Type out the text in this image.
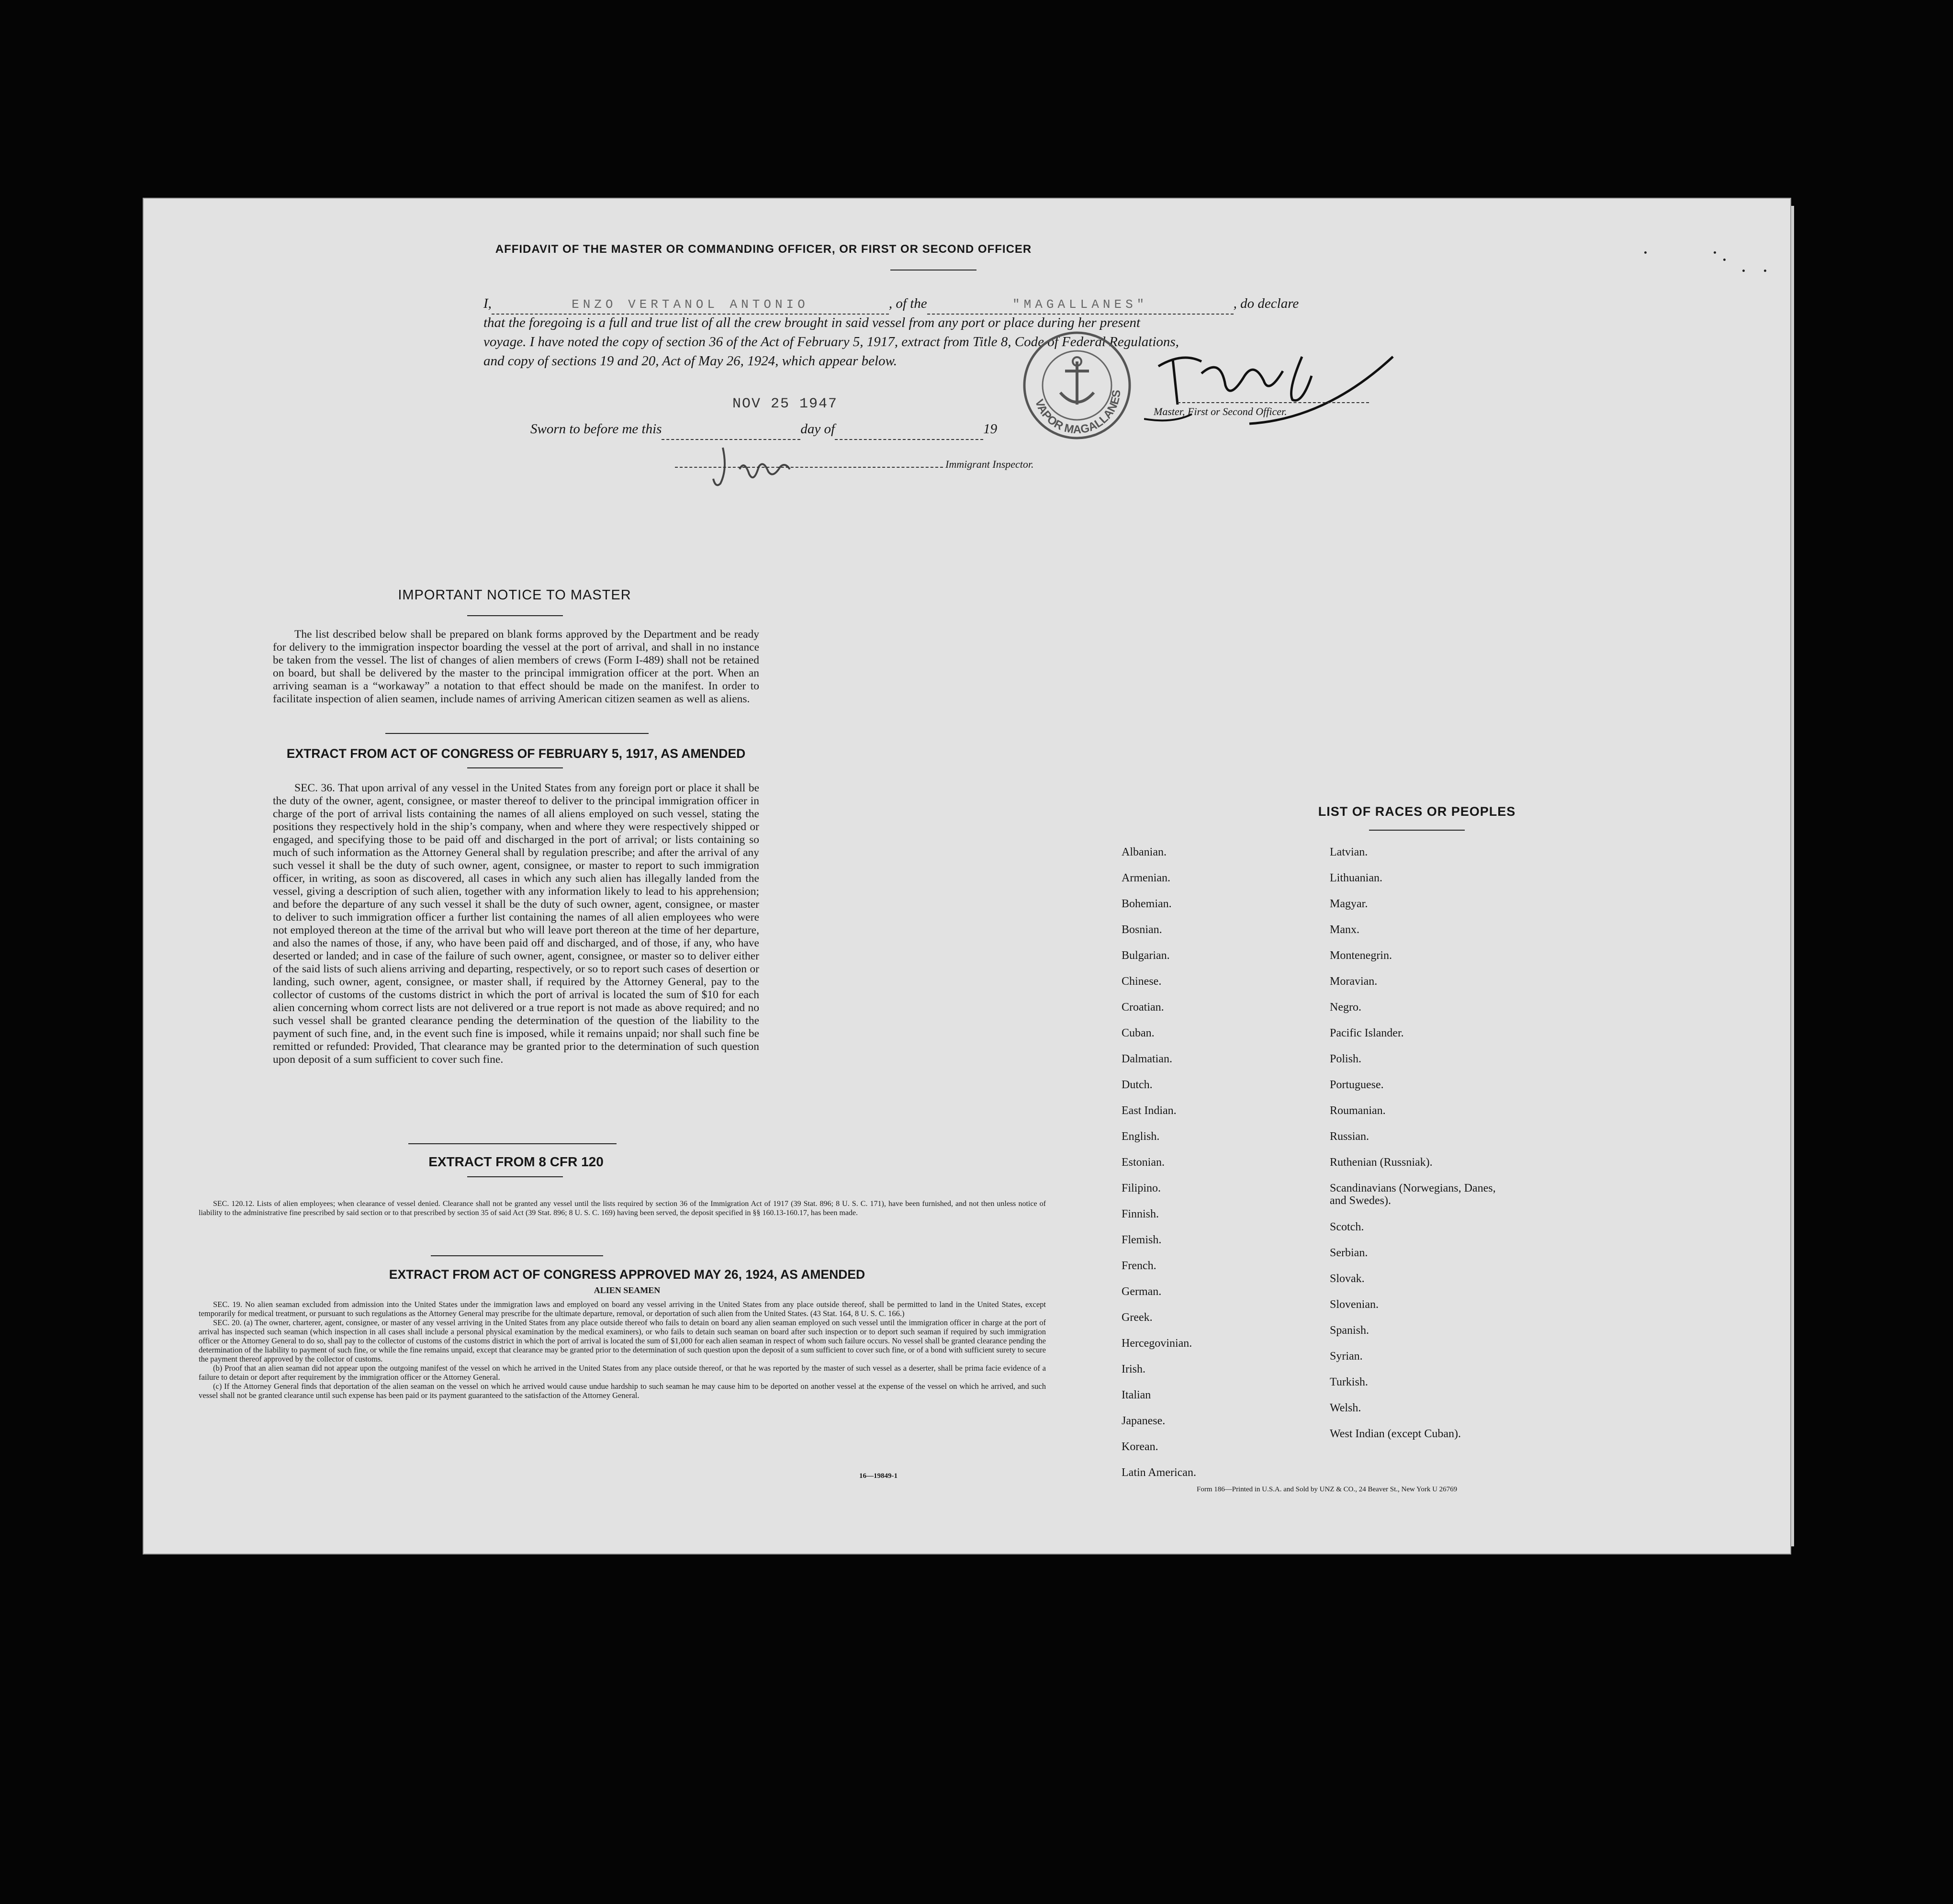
AFFIDAVIT OF THE MASTER OR COMMANDING OFFICER, OR FIRST OR SECOND OFFICER
I,	ENZO VERTANOL ANTONIO	, of the	"MAGALLANES"	, do declare
that the foregoing is a full and true list of all the crew brought in said vessel from any port or place during her present
voyage. I have noted the copy of section 36 of the Act of February 5, 1917, extract from Title 8, Code of Federal Regulations,
and copy of sections 19 and 20, Act of May 26, 1924, which appear below.
VAPOR MAGALLANES
Master, First or Second Officer.
NOV 25 1947
Sworn to before me this	day of	19
Immigrant Inspector.
IMPORTANT NOTICE TO MASTER

The list described below shall be prepared on blank forms approved by the Department and be ready for delivery to the immigration inspector boarding the vessel at the port of arrival, and shall in no instance be taken from the vessel. The list of changes of alien members of crews (Form I-489) shall not be retained on board, but shall be delivered by the master to the principal immigration officer at the port. When an arriving seaman is a “workaway” a notation to that effect should be made on the manifest. In order to facilitate inspection of alien seamen, include names of arriving American citizen seamen as well as aliens.

EXTRACT FROM ACT OF CONGRESS OF FEBRUARY 5, 1917, AS AMENDED

SEC. 36. That upon arrival of any vessel in the United States from any foreign port or place it shall be the duty of the owner, agent, consignee, or master thereof to deliver to the principal immigration officer in charge of the port of arrival lists containing the names of all aliens employed on such vessel, stating the positions they respectively hold in the ship’s company, when and where they were respectively shipped or engaged, and specifying those to be paid off and discharged in the port of arrival; or lists containing so much of such information as the Attorney General shall by regulation prescribe; and after the arrival of any such vessel it shall be the duty of such owner, agent, consignee, or master to report to such immigration officer, in writing, as soon as discovered, all cases in which any such alien has illegally landed from the vessel, giving a description of such alien, together with any information likely to lead to his apprehension; and before the departure of any such vessel it shall be the duty of such owner, agent, consignee, or master to deliver to such immigration officer a further list containing the names of all alien employees who were not employed thereon at the time of the arrival but who will leave port thereon at the time of her departure, and also the names of those, if any, who have been paid off and discharged, and of those, if any, who have deserted or landed; and in case of the failure of such owner, agent, consignee, or master so to deliver either of the said lists of such aliens arriving and departing, respectively, or so to report such cases of desertion or landing, such owner, agent, consignee, or master shall, if required by the Attorney General, pay to the collector of customs of the customs district in which the port of arrival is located the sum of $10 for each alien concerning whom correct lists are not delivered or a true report is not made as above required; and no such vessel shall be granted clearance pending the determination of the question of the liability to the payment of such fine, and, in the event such fine is imposed, while it remains unpaid; nor shall such fine be remitted or refunded: Provided, That clearance may be granted prior to the determination of such question upon deposit of a sum sufficient to cover such fine.

EXTRACT FROM 8 CFR 120

SEC. 120.12. Lists of alien employees; when clearance of vessel denied. Clearance shall not be granted any vessel until the lists required by section 36 of the Immigration Act of 1917 (39 Stat. 896; 8 U. S. C. 171), have been furnished, and not then unless notice of liability to the administrative fine prescribed by said section or to that prescribed by section 35 of said Act (39 Stat. 896; 8 U. S. C. 169) having been served, the deposit specified in §§ 160.13-160.17, has been made.

EXTRACT FROM ACT OF CONGRESS APPROVED MAY 26, 1924, AS AMENDED
ALIEN SEAMEN

SEC. 19. No alien seaman excluded from admission into the United States under the immigration laws and employed on board any vessel arriving in the United States from any place outside thereof, shall be permitted to land in the United States, except temporarily for medical treatment, or pursuant to such regulations as the Attorney General may prescribe for the ultimate departure, removal, or deportation of such alien from the United States. (43 Stat. 164, 8 U. S. C. 166.)

SEC. 20. (a) The owner, charterer, agent, consignee, or master of any vessel arriving in the United States from any place outside thereof who fails to detain on board any alien seaman employed on such vessel until the immigration officer in charge at the port of arrival has inspected such seaman (which inspection in all cases shall include a personal physical examination by the medical examiners), or who fails to detain such seaman on board after such inspection or to deport such seaman if required by such immigration officer or the Attorney General to do so, shall pay to the collector of customs of the customs district in which the port of arrival is located the sum of $1,000 for each alien seaman in respect of whom such failure occurs. No vessel shall be granted clearance pending the determination of the liability to payment of such fine, or while the fine remains unpaid, except that clearance may be granted prior to the determination of such question upon the deposit of a sum sufficient to cover such fine, or of a bond with sufficient surety to secure the payment thereof approved by the collector of customs.

(b) Proof that an alien seaman did not appear upon the outgoing manifest of the vessel on which he arrived in the United States from any place outside thereof, or that he was reported by the master of such vessel as a deserter, shall be prima facie evidence of a failure to detain or deport after requirement by the immigration officer or the Attorney General.

(c) If the Attorney General finds that deportation of the alien seaman on the vessel on which he arrived would cause undue hardship to such seaman he may cause him to be deported on another vessel at the expense of the vessel on which he arrived, and such vessel shall not be granted clearance until such expense has been paid or its payment guaranteed to the satisfaction of the Attorney General.

16—19849-1
LIST OF RACES OR PEOPLES
Albanian.
Armenian.
Bohemian.
Bosnian.
Bulgarian.
Chinese.
Croatian.
Cuban.
Dalmatian.
Dutch.
East Indian.
English.
Estonian.
Filipino.
Finnish.
Flemish.
French.
German.
Greek.
Hercegovinian.
Irish.
Italian
Japanese.
Korean.
Latin American.
Latvian.
Lithuanian.
Magyar.
Manx.
Montenegrin.
Moravian.
Negro.
Pacific Islander.
Polish.
Portuguese.
Roumanian.
Russian.
Ruthenian (Russniak).
Scandinavians (Norwegians, Danes, and Swedes).
Scotch.
Serbian.
Slovak.
Slovenian.
Spanish.
Syrian.
Turkish.
Welsh.
West Indian (except Cuban).
Form 186—Printed in U.S.A. and Sold by UNZ & CO., 24 Beaver St., New York U 26769
